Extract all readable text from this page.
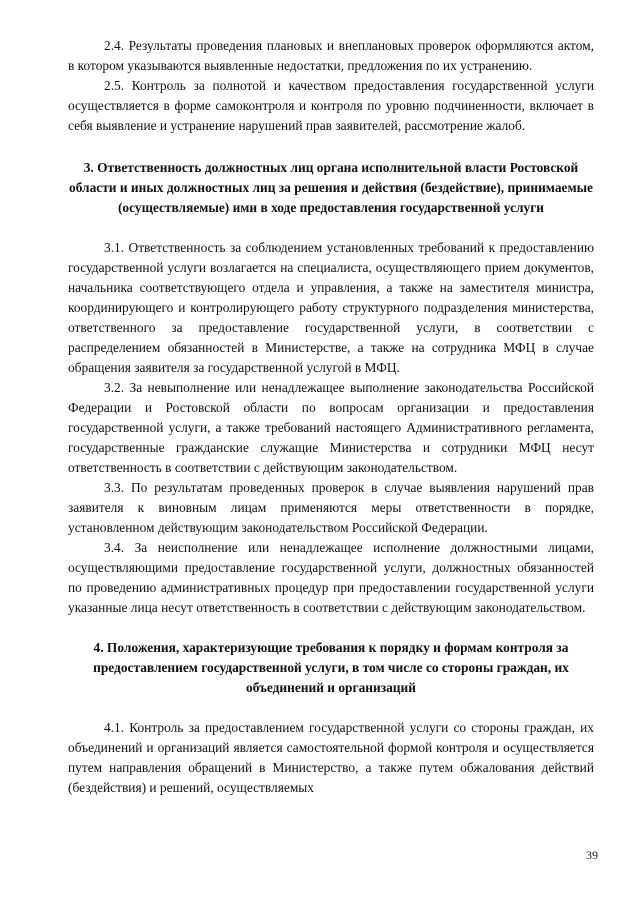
2.4. Результаты проведения плановых и внеплановых проверок оформляются актом, в котором указываются выявленные недостатки, предложения по их устранению.

2.5. Контроль за полнотой и качеством предоставления государственной услуги осуществляется в форме самоконтроля и контроля по уровню подчиненности, включает в себя выявление и устранение нарушений прав заявителей, рассмотрение жалоб.

3. Ответственность должностных лиц органа исполнительной власти Ростовской области и иных должностных лиц за решения и действия (бездействие), принимаемые (осуществляемые) ими в ходе предоставления государственной услуги

3.1. Ответственность за соблюдением установленных требований к предоставлению государственной услуги возлагается на специалиста, осуществляющего прием документов, начальника соответствующего отдела и управления, а также на заместителя министра, координирующего и контролирующего работу структурного подразделения министерства, ответственного за предоставление государственной услуги, в соответствии с распределением обязанностей в Министерстве, а также на сотрудника МФЦ в случае обращения заявителя за государственной услугой в МФЦ.

3.2. За невыполнение или ненадлежащее выполнение законодательства Российской Федерации и Ростовской области по вопросам организации и предоставления государственной услуги, а также требований настоящего Административного регламента, государственные гражданские служащие Министерства и сотрудники МФЦ несут ответственность в соответствии с действующим законодательством.

3.3. По результатам проведенных проверок в случае выявления нарушений прав заявителя к виновным лицам применяются меры ответственности в порядке, установленном действующим законодательством Российской Федерации.

3.4. За неисполнение или ненадлежащее исполнение должностными лицами, осуществляющими предоставление государственной услуги, должностных обязанностей по проведению административных процедур при предоставлении государственной услуги указанные лица несут ответственность в соответствии с действующим законодательством.

4. Положения, характеризующие требования к порядку и формам контроля за предоставлением государственной услуги, в том числе со стороны граждан, их объединений и организаций

4.1. Контроль за предоставлением государственной услуги со стороны граждан, их объединений и организаций является самостоятельной формой контроля и осуществляется путем направления обращений в Министерство, а также путем обжалования действий (бездействия) и решений, осуществляемых

39
